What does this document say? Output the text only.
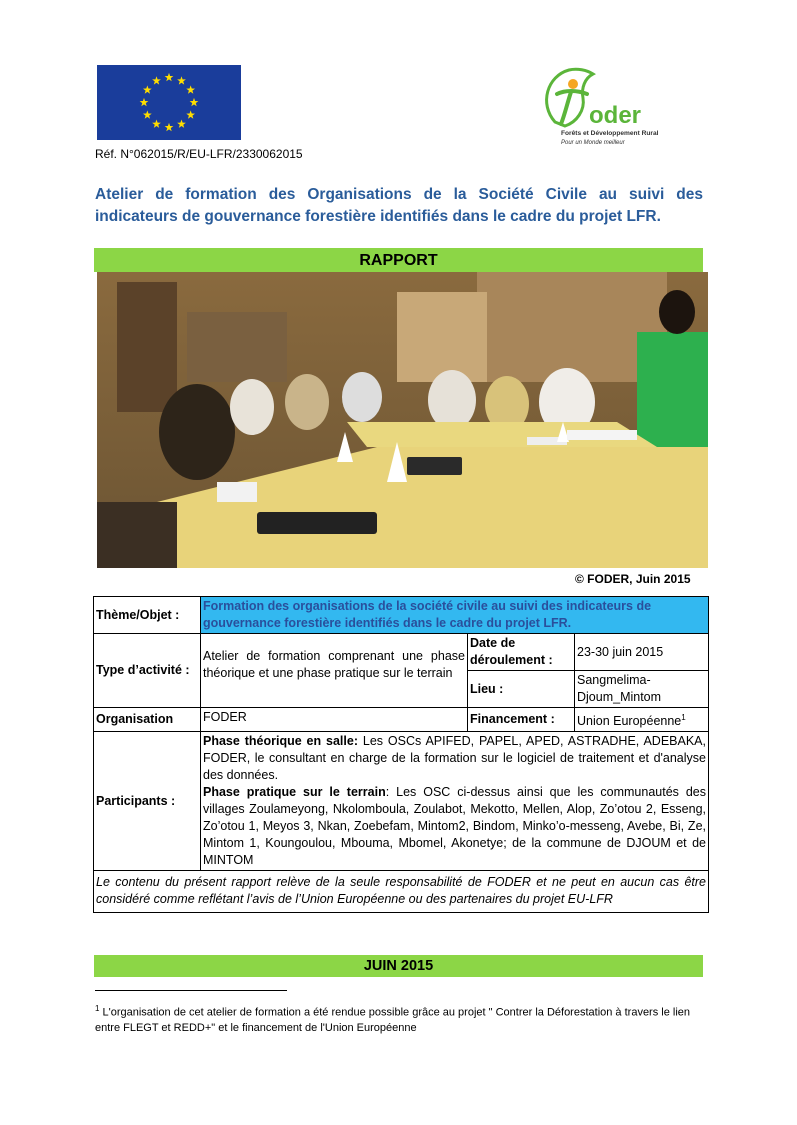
oder
Forêts et Développement Rural
Pour un Monde meilleur
Réf. N°062015/R/EU-LFR/2330062015
Atelier de formation des Organisations de la Société Civile au suivi des
indicateurs de gouvernance forestière identifiés dans le cadre du projet LFR.
RAPPORT
© FODER, Juin 2015
Thème/Objet :	Formation des organisations de la société civile au suivi des indicateurs de gouvernance forestière identifiés dans le cadre du projet LFR.		
Type d’activité :	Atelier de formation comprenant une phase théorique et une phase pratique sur le terrain	Date de déroulement :	23-30 juin 2015
		Lieu :	Sangmelima-Djoum_Mintom
Organisation	FODER	Financement :	Union Européenne$^1$
Participants :	Phase théorique en salle: Les OSCs APIFED, PAPEL, APED, ASTRADHE, ADEBAKA, FODER, le consultant en charge de la formation sur le logiciel de traitement et d'analyse des données.
Phase pratique sur le terrain: Les OSC ci-dessus ainsi que les communautés des villages Zoulameyong, Nkolomboula, Zoulabot, Mekotto, Mellen, Alop, Zo’otou 2, Esseng, Zo’otou 1, Meyos 3, Nkan, Zoebefam, Mintom2, Bindom, Minko’o-messeng, Avebe, Bi, Ze, Mintom 1, Koungoulou, Mbouma, Mbomel, Akonetye; de la commune de DJOUM et de MINTOM		
Le contenu du présent rapport relève de la seule responsabilité de FODER et ne peut en aucun cas être considéré comme reflétant l’avis de l’Union Européenne ou des partenaires du projet EU-LFR			
JUIN 2015
$^1$ L'organisation de cet atelier de formation a été rendue possible grâce au projet " Contrer la Déforestation à travers le lien entre FLEGT et REDD+" et le financement de l'Union Européenne
